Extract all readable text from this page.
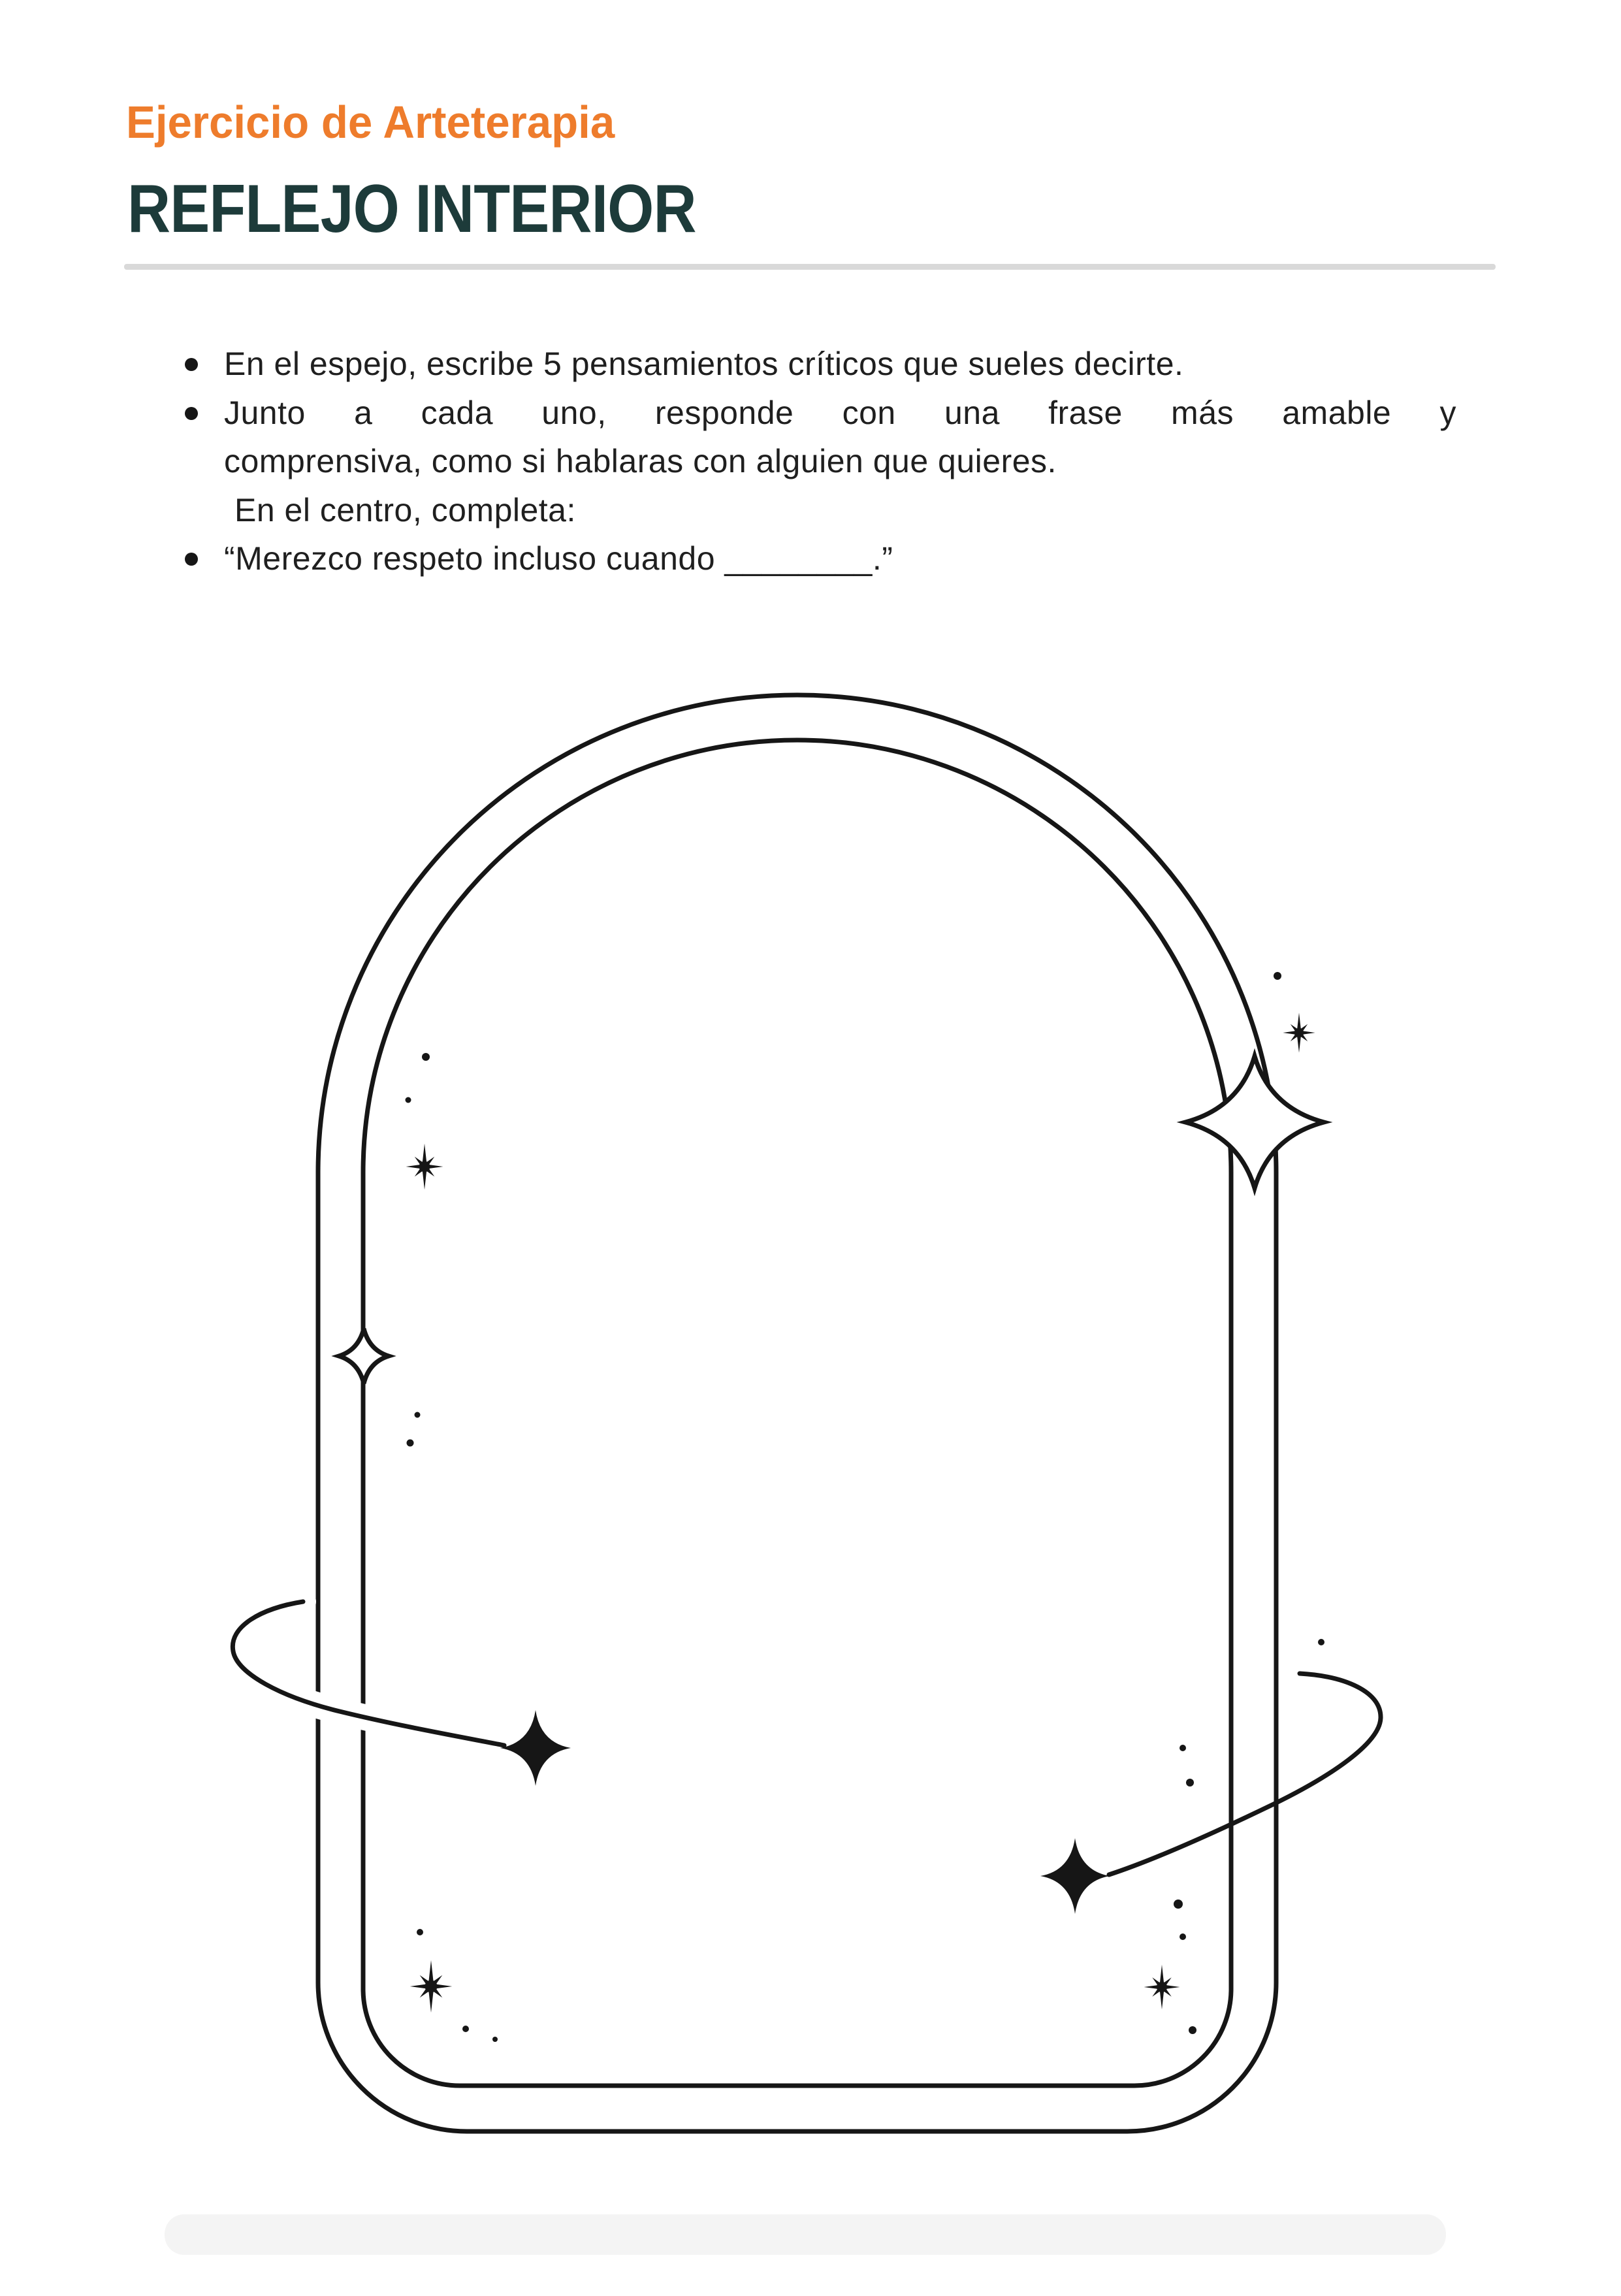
Ejercicio de Arteterapia
REFLEJO INTERIOR
En el espejo, escribe 5 pensamientos críticos que sueles decirte.
Junto a cada uno, responde con una frase más amable y
comprensiva, como si hablaras con alguien que quieres.
En el centro, completa:
“Merezco respeto incluso cuando ________.”
